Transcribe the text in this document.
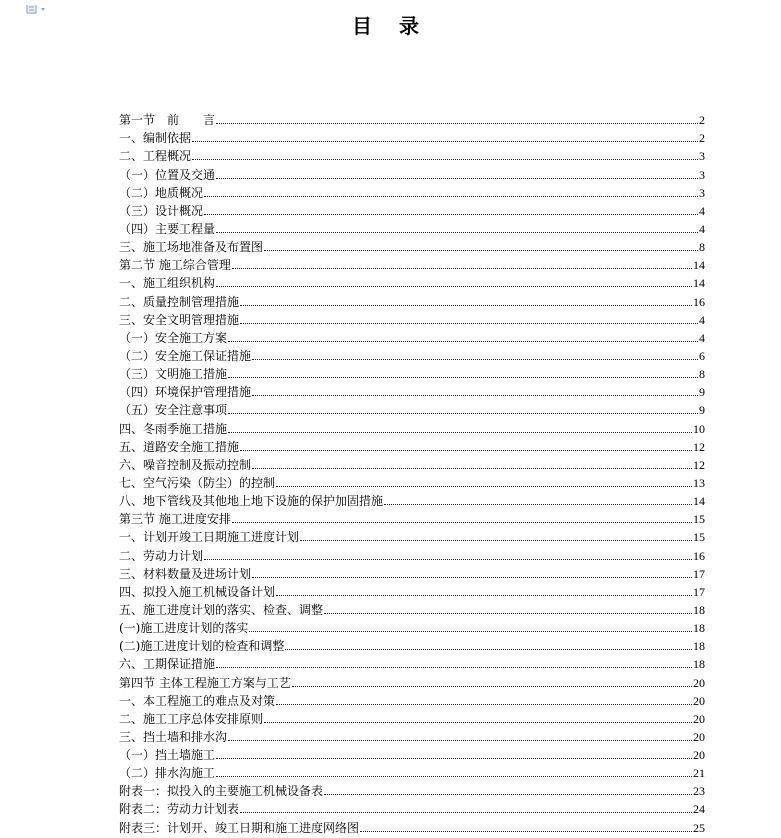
目 录
第一节　前　　言	2
一、编制依据	2
二、工程概况	3
（一）位置及交通	3
（二）地质概况	3
（三）设计概况	4
（四）主要工程量	4
三、施工场地准备及布置图	8
第二节 施工综合管理	14
一、施工组织机构	14
二、质量控制管理措施	16
三、安全文明管理措施	4
（一）安全施工方案	4
（二）安全施工保证措施	6
（三）文明施工措施	8
（四）环境保护管理措施	9
（五）安全注意事项	9
四、冬雨季施工措施	10
五、道路安全施工措施	12
六、噪音控制及振动控制	12
七、空气污染（防尘）的控制	13
八、地下管线及其他地上地下设施的保护加固措施	14
第三节 施工进度安排	15
一、计划开竣工日期施工进度计划	15
二、劳动力计划	16
三、材料数量及进场计划	17
四、拟投入施工机械设备计划	17
五、施工进度计划的落实、检查、调整	18
(一)施工进度计划的落实	18
(二)施工进度计划的检查和调整	18
六、工期保证措施	18
第四节 主体工程施工方案与工艺	20
一、本工程施工的难点及对策	20
二、施工工序总体安排原则	20
三、挡土墙和排水沟	20
（一）挡土墙施工	20
（二）排水沟施工	21
附表一：拟投入的主要施工机械设备表	23
附表二：劳动力计划表	24
附表三：计划开、竣工日期和施工进度网络图	25
